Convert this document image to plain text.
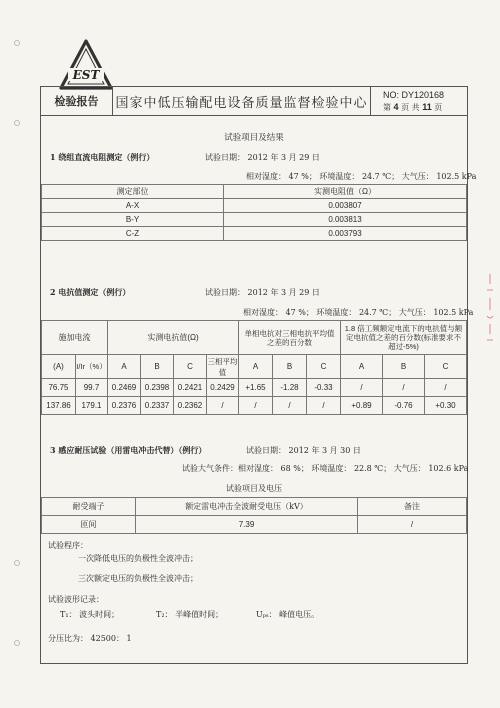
EST
检验报告	国家中低压输配电设备质量监督检验中心
NO: DY120168
第 4 页 共 11 页
试验项目及结果
1 绕组直流电阻测定（例行）	试验日期： 2012 年 3 月 29 日
相对湿度： 47 %； 环境温度： 24.7 ℃； 大气压： 102.5 kPa
测定部位	实测电阻值（Ω）
A-X	0.003807
B-Y	0.003813
C-Z	0.003793
2 电抗值测定（例行）	试验日期： 2012 年 3 月 29 日
相对湿度： 47 %； 环境温度： 24.7 ℃； 大气压： 102.5 kPa
施加电流		实测电抗值(Ω)				单相电抗对三相电抗平均值之差的百分数			1.8 倍工频额定电流下的电抗值与额定电抗值之差的百分数(标准要求不超过-5%)		
(A)	I/Ir（%）	A	B	C	三相平均值	A	B	C	A	B	C
76.75	99.7	0.2469	0.2398	0.2421	0.2429	+1.65	-1.28	-0.33	/	/	/
137.86	179.1	0.2376	0.2337	0.2362	/	/	/	/	+0.89	-0.76	+0.30
3 感应耐压试验（用雷电冲击代替）（例行）	试验日期： 2012 年 3 月 30 日
试验大气条件：相对湿度： 68 %； 环境温度： 22.8 ℃； 大气压： 102.6 kPa
试验项目及电压
耐受端子	额定雷电冲击全波耐受电压（kV）	备注
匝间	7.39	/
试验程序：
一次降低电压的负极性全波冲击；
三次额定电压的负极性全波冲击；
试验波形记录：
T₁： 波头时间；	T₂： 半峰值时间；	Uₚₛ： 峰值电压。
分压比为： 42500： 1
